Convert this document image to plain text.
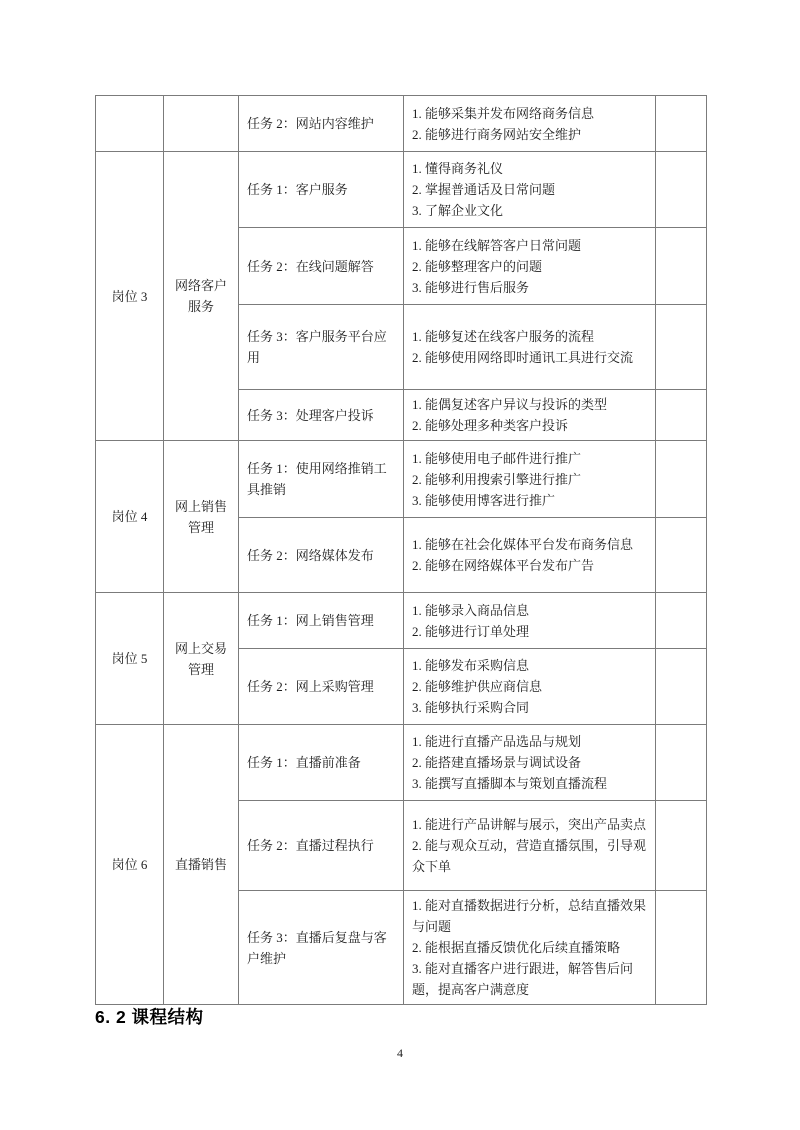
		任务 2：网站内容维护	1. 能够采集并发布网络商务信息
2. 能够进行商务网站安全维护	

岗位 3	网络客户服务	任务 1：客户服务	1. 懂得商务礼仪
2. 掌握普通话及日常问题
3. 了解企业文化	

		任务 2：在线问题解答	1. 能够在线解答客户日常问题
2. 能够整理客户的问题
3. 能够进行售后服务	

		任务 3：客户服务平台应用	1. 能够复述在线客户服务的流程
2. 能够使用网络即时通讯工具进行交流	

		任务 3：处理客户投诉	1. 能偶复述客户异议与投诉的类型
2. 能够处理多种类客户投诉	

岗位 4	网上销售管理	任务 1：使用网络推销工具推销	1. 能够使用电子邮件进行推广
2. 能够利用搜索引擎进行推广
3. 能够使用博客进行推广	

		任务 2：网络媒体发布	1. 能够在社会化媒体平台发布商务信息
2. 能够在网络媒体平台发布广告	

岗位 5	网上交易管理	任务 1：网上销售管理	1. 能够录入商品信息
2. 能够进行订单处理	

		任务 2：网上采购管理	1. 能够发布采购信息
2. 能够维护供应商信息
3. 能够执行采购合同	

岗位 6	直播销售	任务 1：直播前准备	1. 能进行直播产品选品与规划
2. 能搭建直播场景与调试设备
3. 能撰写直播脚本与策划直播流程	

		任务 2：直播过程执行	1. 能进行产品讲解与展示，突出产品卖点
2. 能与观众互动，营造直播氛围，引导观众下单	

		任务 3：直播后复盘与客户维护	1. 能对直播数据进行分析，总结直播效果与问题
2. 能根据直播反馈优化后续直播策略
3. 能对直播客户进行跟进，解答售后问题，提高客户满意度	

6. 2 课程结构
4
